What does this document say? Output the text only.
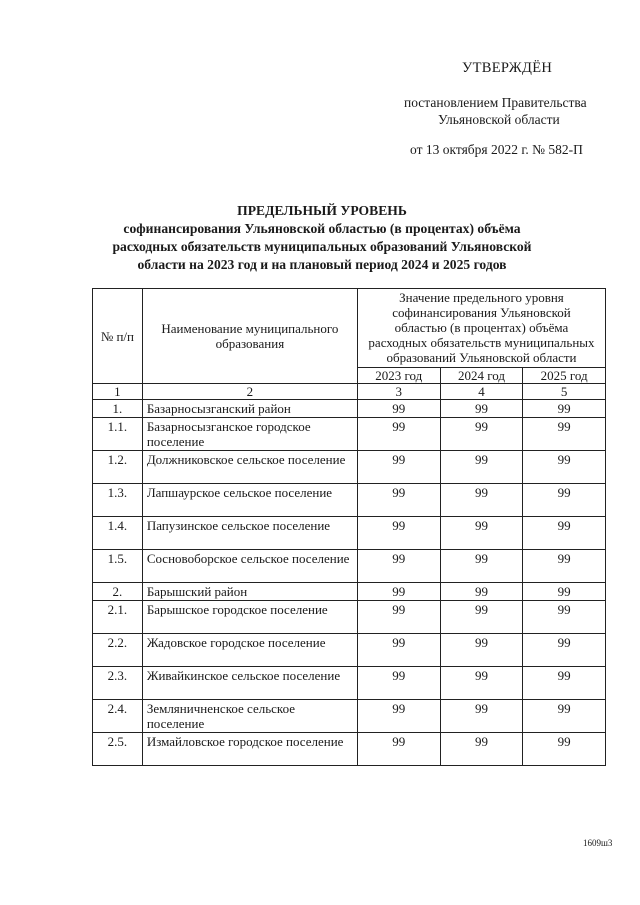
УТВЕРЖДЁН
постановлением Правительства
Ульяновской области
от 13 октября 2022 г. № 582-П
ПРЕДЕЛЬНЫЙ УРОВЕНЬ
софинансирования Ульяновской областью (в процентах) объёма
расходных обязательств муниципальных образований Ульяновской
области на 2023 год и на плановый период 2024 и 2025 годов
№ п/п	Наименование муниципального образования	Значение предельного уровня софинансирования Ульяновской областью (в процентах) объёма расходных обязательств муниципальных образований Ульяновской области		
		2023 год	2024 год	2025 год
1	2	3	4	5
1.	Базарносызганский район	99	99	99
1.1.	Базарносызганское городское поселение	99	99	99
1.2.	Должниковское сельское поселение	99	99	99
1.3.	Лапшаурское сельское поселение	99	99	99
1.4.	Папузинское сельское поселение	99	99	99
1.5.	Сосновоборское сельское поселение	99	99	99
2.	Барышский район	99	99	99
2.1.	Барышское городское поселение	99	99	99
2.2.	Жадовское городское поселение	99	99	99
2.3.	Живайкинское сельское поселение	99	99	99
2.4.	Земляничненское сельское поселение	99	99	99
2.5.	Измайловское городское поселение	99	99	99
1609ш3
